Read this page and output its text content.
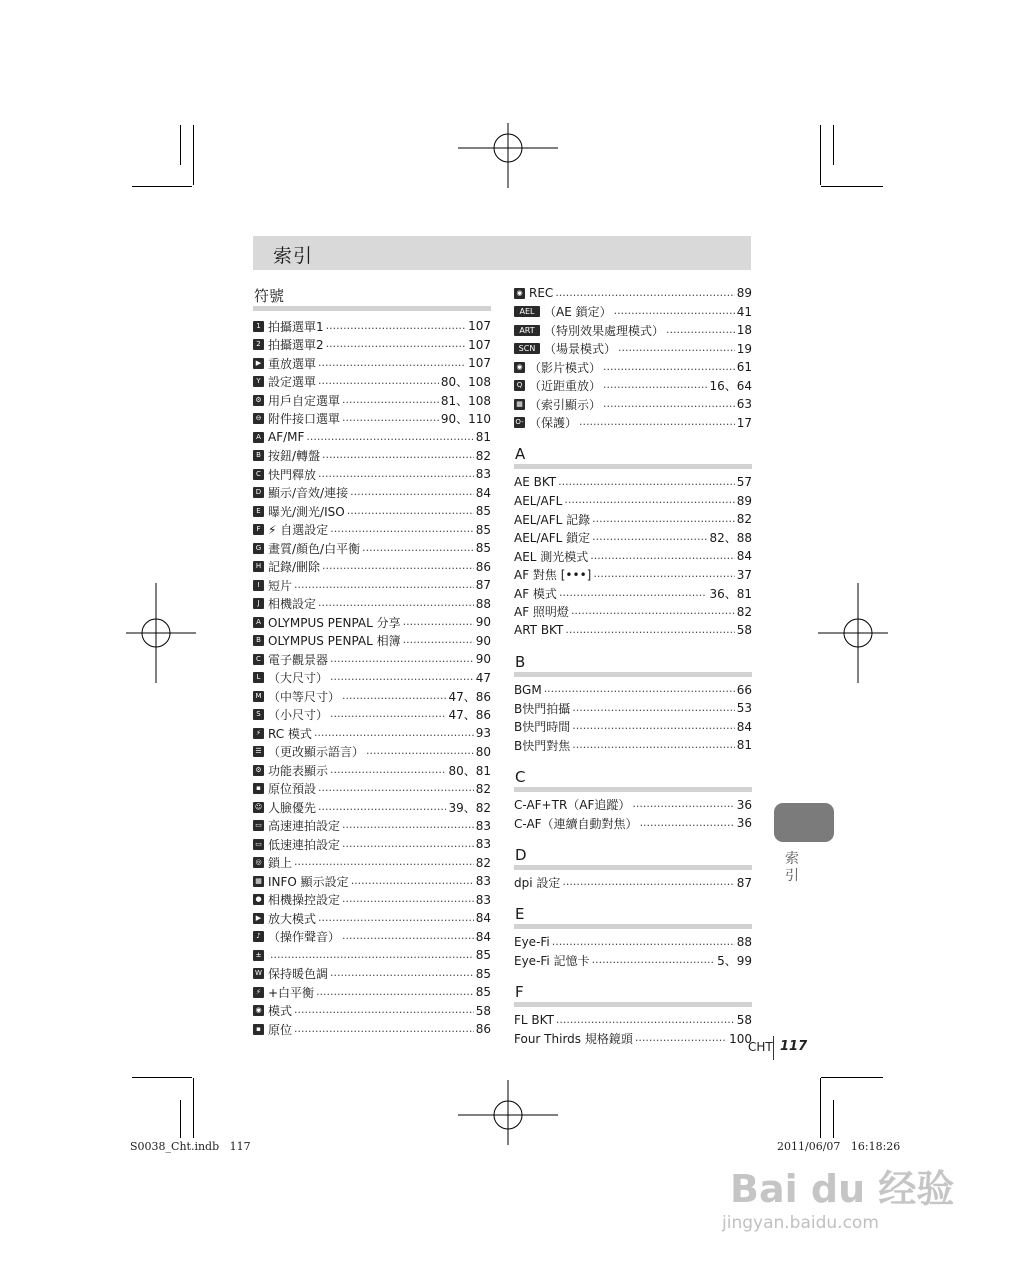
索引
符號
1 拍攝選單1 .....	107
2 拍攝選單2 .....	107
▶ 重放選單 .....	107
Y 設定選單 .....	80、108
⚙ 用戶自定選單 .....	81、108
⊖ 附件接口選單 .....	90、110
A AF/MF .....	81
B 按鈕/轉盤 .....	82
C 快門釋放 .....	83
D 顯示/音效/連接 .....	84
E 曝光/測光/ISO .....	85
F ⚡ 自選設定 .....	85
G 畫質/顏色/白平衡 .....	85
H 記錄/刪除 .....	86
I 短片 .....	87
J 相機設定 .....	88
A OLYMPUS PENPAL 分享 .....	90
B OLYMPUS PENPAL 相簿 .....	90
C 電子觀景器 .....	90
L （大尺寸） .....	47
M （中等尺寸） .....	47、86
S （小尺寸） .....	47、86
⚡ RC 模式 .....	93
☰ （更改顯示語言） .....	80
⚙ 功能表顯示 .....	80、81
▪ 原位預設 .....	82
☺ 人臉優先 .....	39、82
▭ 高速連拍設定 .....	83
▭ 低速連拍設定 .....	83
◎ 鎖上 .....	82
▦ INFO 顯示設定 .....	83
● 相機操控設定 .....	83
▶ 放大模式 .....	84
♪ （操作聲音） .....	84
± .....	85
W 保持暖色調 .....	85
⚡ +白平衡 .....	85
◉ 模式 .....	58
▪ 原位 .....	86
◉ REC .....	89
AEL （AE 鎖定） .....	41
ART （特別效果處理模式） .....	18
SCN （場景模式） .....	19
◉ （影片模式） .....	61
Q （近距重放） .....	16、64
▦ （索引顯示） .....	63
O- （保護） .....	17
A
AE BKT .....	57
AEL/AFL .....	89
AEL/AFL 記錄 .....	82
AEL/AFL 鎖定 .....	82、88
AEL 測光模式 .....	84
AF 對焦 [•••] .....	37
AF 模式 .....	36、81
AF 照明燈 .....	82
ART BKT .....	58
B
BGM .....	66
B快門拍攝 .....	53
B快門時間 .....	84
B快門對焦 .....	81
C
C-AF+TR（AF追蹤） .....	36
C-AF（連續自動對焦） .....	36
D
dpi 設定 .....	87
E
Eye-Fi .....	88
Eye-Fi 記憶卡 .....	5、99
F
FL BKT .....	58
Four Thirds 規格鏡頭 .....	100
索引
CHT 117
S0038_Cht.indb   117	2011/06/07   16:18:26
Bai du 经验
jingyan.baidu.com
